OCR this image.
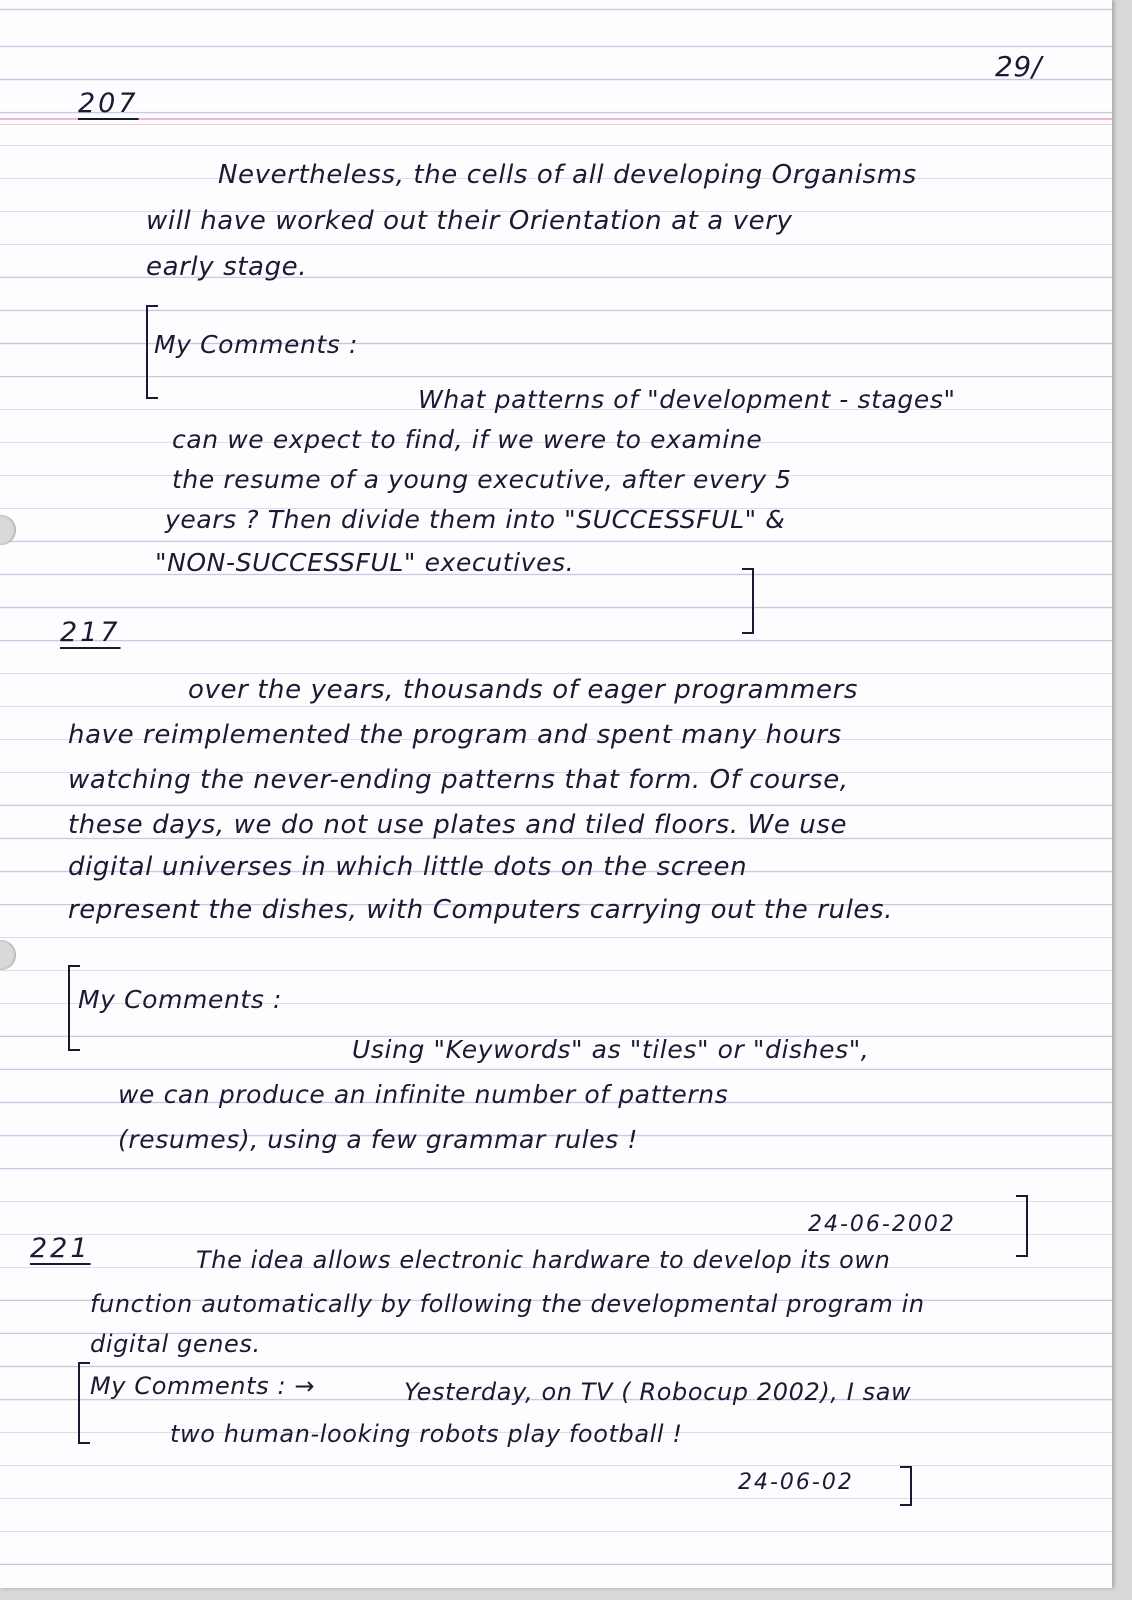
29/

207

Nevertheless, the cells of all developing Organisms

will have worked out their Orientation at a very

early stage.

My Comments :

What patterns of "development - stages"

can we expect to find, if we were to examine

the resume of a young executive, after every 5

years ? Then divide them into "SUCCESSFUL" &

"NON-SUCCESSFUL" executives.

217

over the years, thousands of eager programmers

have reimplemented the program and spent many hours

watching the never-ending patterns that form. Of course,

these days, we do not use plates and tiled floors. We use

digital universes in which little dots on the screen

represent the dishes, with Computers carrying out the rules.

My Comments :

Using "Keywords" as "tiles" or "dishes",

we can produce an infinite number of patterns

(resumes), using a few grammar rules !

24-06-2002

221	The idea allows electronic hardware to develop its own

function automatically by following the developmental program in

digital genes.

My Comments : →	Yesterday, on TV ( Robocup 2002), I saw

two human-looking robots play football !

24-06-02
